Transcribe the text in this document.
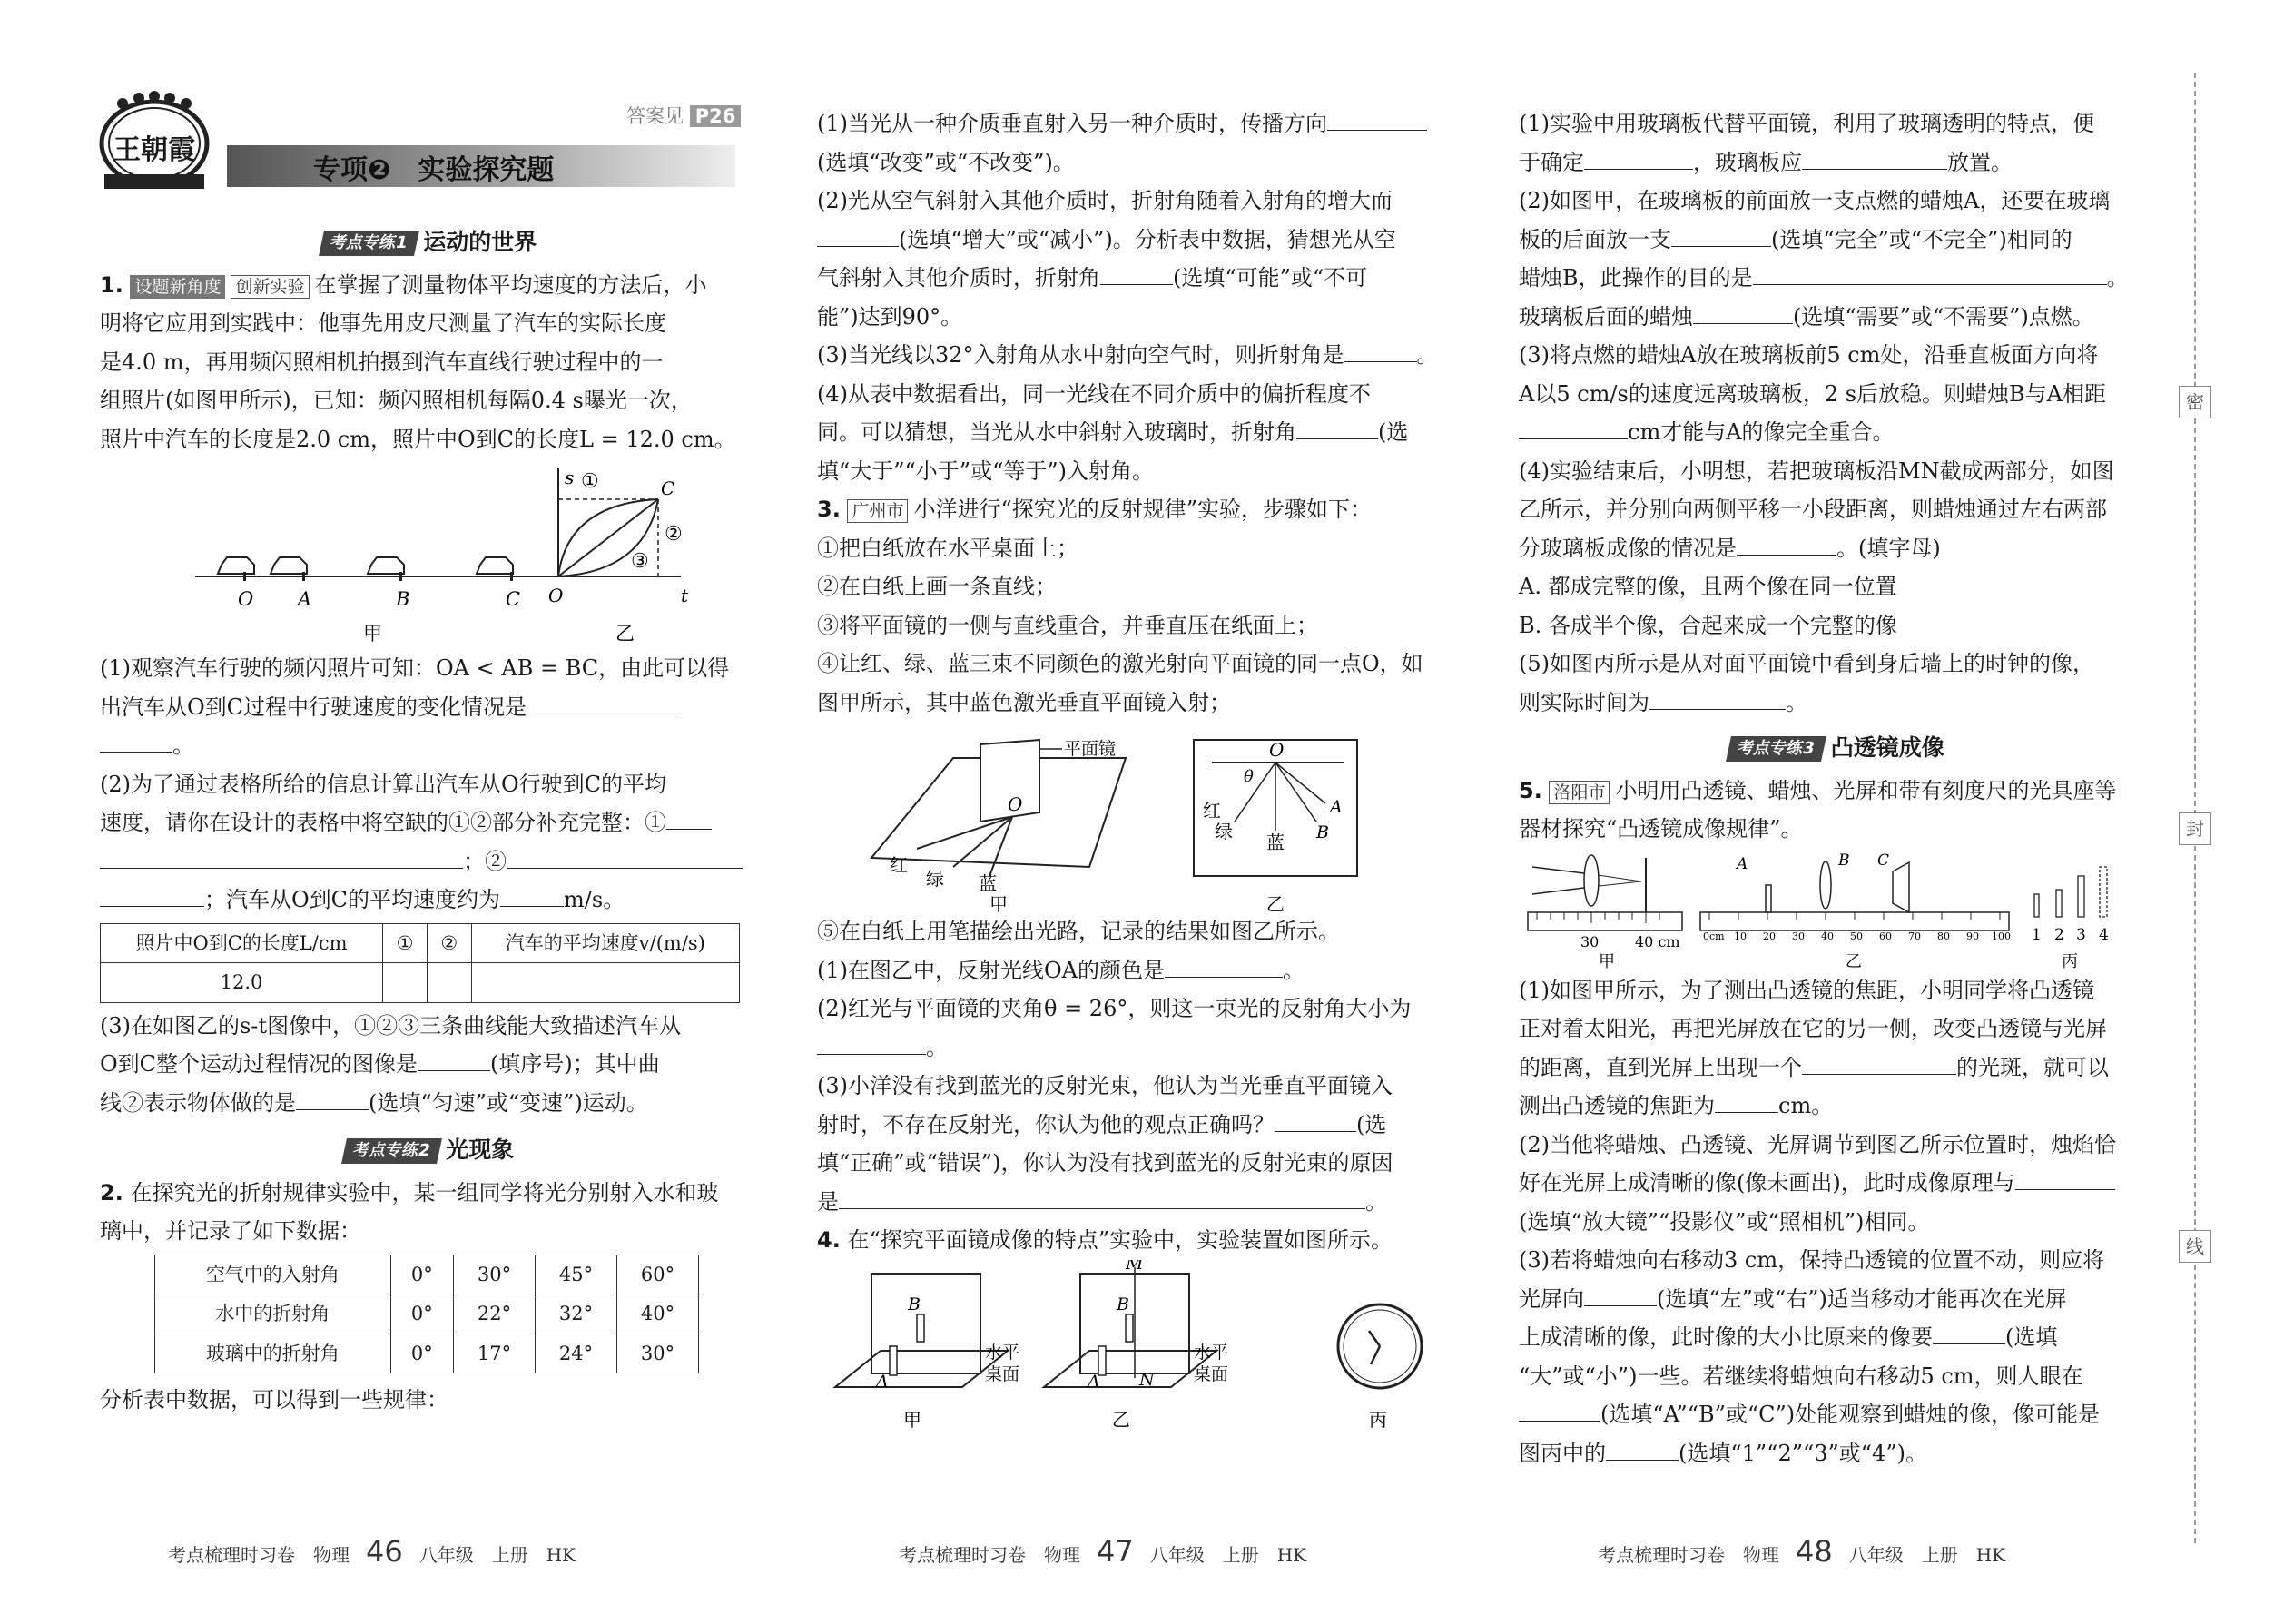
王朝霞
专项❷　实验探究题
答案见 P26
考点专练1 运动的世界

1. 设题新角度 创新实验 在掌握了测量物体平均速度的方法后，小

明将它应用到实践中：他事先用皮尺测量了汽车的实际长度

是4.0 m，再用频闪照相机拍摄到汽车直线行驶过程中的一

组照片(如图甲所示)，已知：频闪照相机每隔0.4 s曝光一次，

照片中汽车的长度是2.0 cm，照片中O到C的长度L = 12.0 cm。

O A	B	C
甲
s ①	C
②
③
O	t
乙

(1)观察汽车行驶的频闪照片可知：OA < AB = BC，由此可以得

出汽车从O到C过程中行驶速度的变化情况是

。

(2)为了通过表格所给的信息计算出汽车从O行驶到C的平均

速度，请你在设计的表格中将空缺的①②部分补充完整：①

；②

；汽车从O到C的平均速度约为	m/s。

照片中O到C的长度L/cm	①	②	汽车的平均速度v/(m/s)
12.0			

(3)在如图乙的s-t图像中，①②③三条曲线能大致描述汽车从

O到C整个运动过程情况的图像是	(填序号)；其中曲

线②表示物体做的是	(选填“匀速”或“变速”)运动。

考点专练2 光现象

2. 在探究光的折射规律实验中，某一组同学将光分别射入水和玻

璃中，并记录了如下数据：

空气中的入射角	0°	30°	45°	60°
水中的折射角	0°	22°	32°	40°
玻璃中的折射角	0°	17°	24°	30°

分析表中数据，可以得到一些规律：

(1)当光从一种介质垂直射入另一种介质时，传播方向

(选填“改变”或“不改变”)。

(2)光从空气斜射入其他介质时，折射角随着入射角的增大而

(选填“增大”或“减小”)。分析表中数据，猜想光从空

气斜射入其他介质时，折射角	(选填“可能”或“不可

能”)达到90°。

(3)当光线以32°入射角从水中射向空气时，则折射角是	。

(4)从表中数据看出，同一光线在不同介质中的偏折程度不

同。可以猜想，当光从水中斜射入玻璃时，折射角	(选

填“大于”“小于”或“等于”)入射角。

3. 广州市 小洋进行“探究光的反射规律”实验，步骤如下：

①把白纸放在水平桌面上；

②在白纸上画一条直线；

③将平面镜的一侧与直线重合，并垂直压在纸面上；

④让红、绿、蓝三束不同颜色的激光射向平面镜的同一点O，如

图甲所示，其中蓝色激光垂直平面镜入射；

平面镜
O
红
绿 蓝
甲
O
θ
红
绿 蓝
A
B
乙

⑤在白纸上用笔描绘出光路，记录的结果如图乙所示。

(1)在图乙中，反射光线OA的颜色是	。

(2)红光与平面镜的夹角θ = 26°，则这一束光的反射角大小为

。

(3)小洋没有找到蓝光的反射光束，他认为当光垂直平面镜入

射时，不存在反射光，你认为他的观点正确吗？	(选

填“正确”或“错误”)，你认为没有找到蓝光的反射光束的原因

是	。

4. 在“探究平面镜成像的特点”实验中，实验装置如图所示。

B
A
水平
桌面
甲
M
B
A N
水平
桌面
乙	丙

(1)实验中用玻璃板代替平面镜，利用了玻璃透明的特点，便

于确定	，玻璃板应	放置。

(2)如图甲，在玻璃板的前面放一支点燃的蜡烛A，还要在玻璃

板的后面放一支	(选填“完全”或“不完全”)相同的

蜡烛B，此操作的目的是	。

玻璃板后面的蜡烛	(选填“需要”或“不需要”)点燃。

(3)将点燃的蜡烛A放在玻璃板前5 cm处，沿垂直板面方向将

A以5 cm/s的速度远离玻璃板，2 s后放稳。则蜡烛B与A相距

cm才能与A的像完全重合。

(4)实验结束后，小明想，若把玻璃板沿MN截成两部分，如图

乙所示，并分别向两侧平移一小段距离，则蜡烛通过左右两部

分玻璃板成像的情况是	。(填字母)

A. 都成完整的像，且两个像在同一位置

B. 各成半个像，合起来成一个完整的像

(5)如图丙所示是从对面平面镜中看到身后墙上的时钟的像，

则实际时间为	。

考点专练3 凸透镜成像

5. 洛阳市 小明用凸透镜、蜡烛、光屏和带有刻度尺的光具座等

器材探究“凸透镜成像规律”。

30 40 cm
甲
0cm 10 20 30 40 50 60 70 80 90 100
A	B C
乙
1 2 3 4
丙

(1)如图甲所示，为了测出凸透镜的焦距，小明同学将凸透镜

正对着太阳光，再把光屏放在它的另一侧，改变凸透镜与光屏

的距离，直到光屏上出现一个	的光斑，就可以

测出凸透镜的焦距为	cm。

(2)当他将蜡烛、凸透镜、光屏调节到图乙所示位置时，烛焰恰

好在光屏上成清晰的像(像未画出)，此时成像原理与

(选填“放大镜”“投影仪”或“照相机”)相同。

(3)若将蜡烛向右移动3 cm，保持凸透镜的位置不动，则应将

光屏向	(选填“左”或“右”)适当移动才能再次在光屏

上成清晰的像，此时像的大小比原来的像要	(选填

“大”或“小”)一些。若继续将蜡烛向右移动5 cm，则人眼在

(选填“A”“B”或“C”)处能观察到蜡烛的像，像可能是

图丙中的	(选填“1”“2”“3”或“4”)。

考点梳理时习卷　物理 46 八年级　上册　HK	考点梳理时习卷　物理 47 八年级　上册　HK	考点梳理时习卷　物理 48 八年级　上册　HK
密
封
线
